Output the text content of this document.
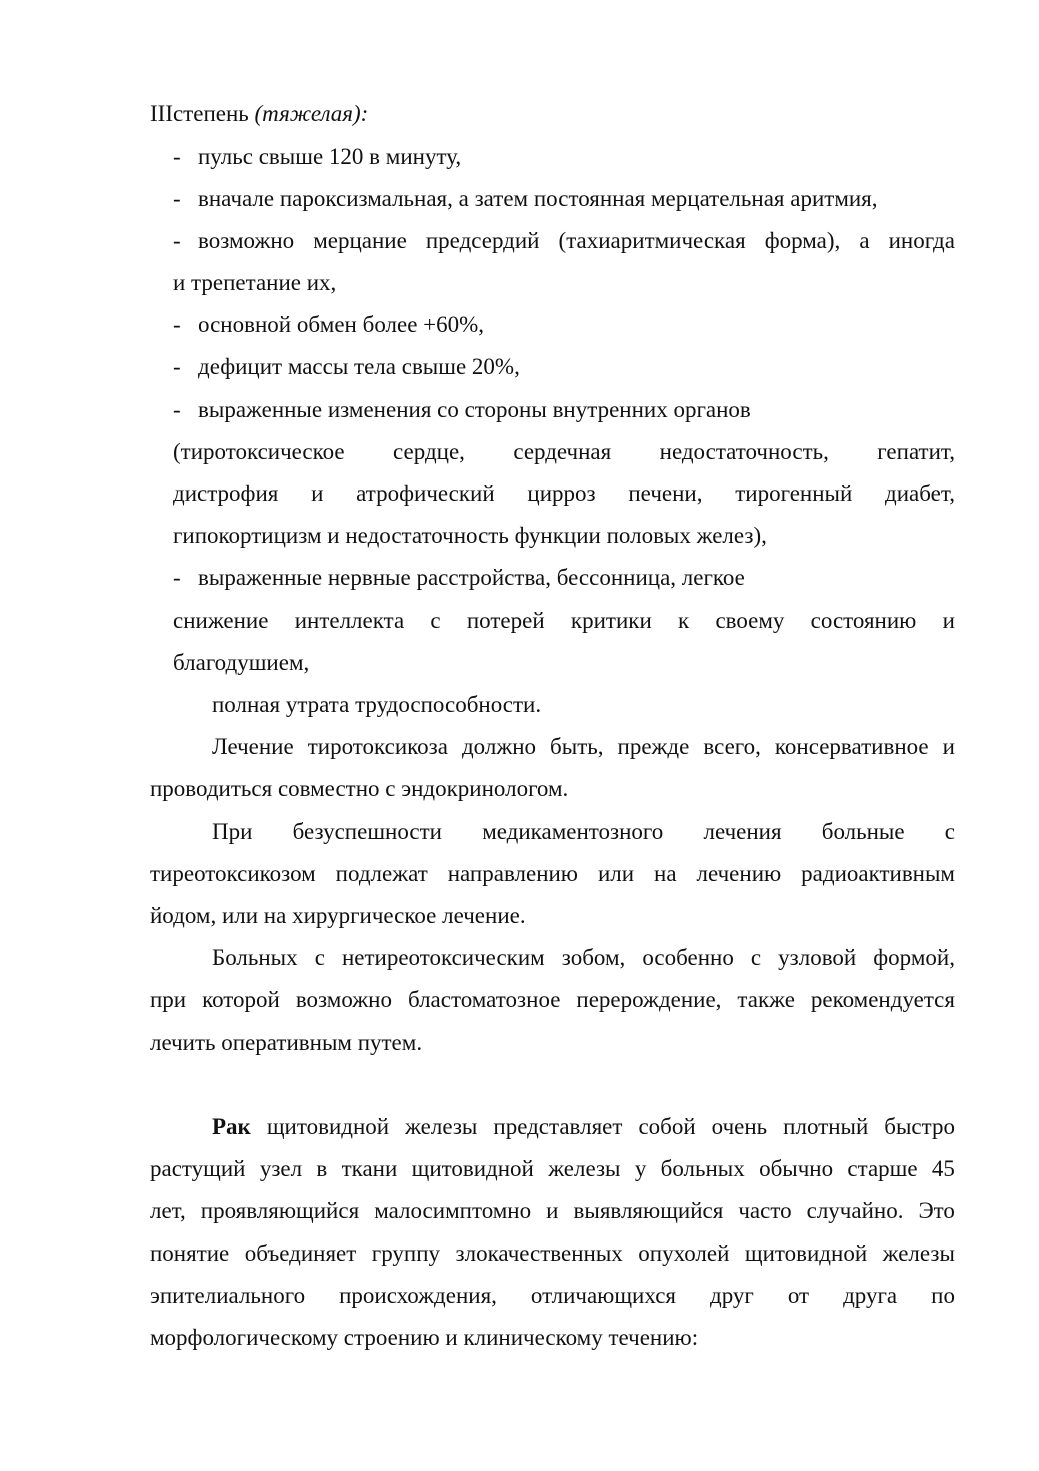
IIIстепень (тяжелая):
- пульс свыше 120 в минуту,
- вначале пароксизмальная, а затем постоянная мерцательная аритмия,
- возможно мерцание предсердий (тахиаритмическая форма), а иногда
и трепетание их,
- основной обмен более +60%,
- дефицит массы тела свыше 20%,
- выраженные изменения со стороны внутренних органов
(тиротоксическое сердце, сердечная недостаточность, гепатит,
дистрофия и атрофический цирроз печени, тирогенный диабет,
гипокортицизм и недостаточность функции половых желез),
- выраженные нервные расстройства, бессонница, легкое
снижение интеллекта с потерей критики к своему состоянию и
благодушием,
полная утрата трудоспособности.
Лечение тиротоксикоза должно быть, прежде всего, консервативное и
проводиться совместно с эндокринологом.
При безуспешности медикаментозного лечения больные с
тиреотоксикозом подлежат направлению или на лечению радиоактивным
йодом, или на хирургическое лечение.
Больных с нетиреотоксическим зобом, особенно с узловой формой,
при которой возможно бластоматозное перерождение, также рекомендуется
лечить оперативным путем.
Рак щитовидной железы представляет собой очень плотный быстро
растущий узел в ткани щитовидной железы у больных обычно старше 45
лет, проявляющийся малосимптомно и выявляющийся часто случайно. Это
понятие объединяет группу злокачественных опухолей щитовидной железы
эпителиального происхождения, отличающихся друг от друга по
морфологическому строению и клиническому течению:
